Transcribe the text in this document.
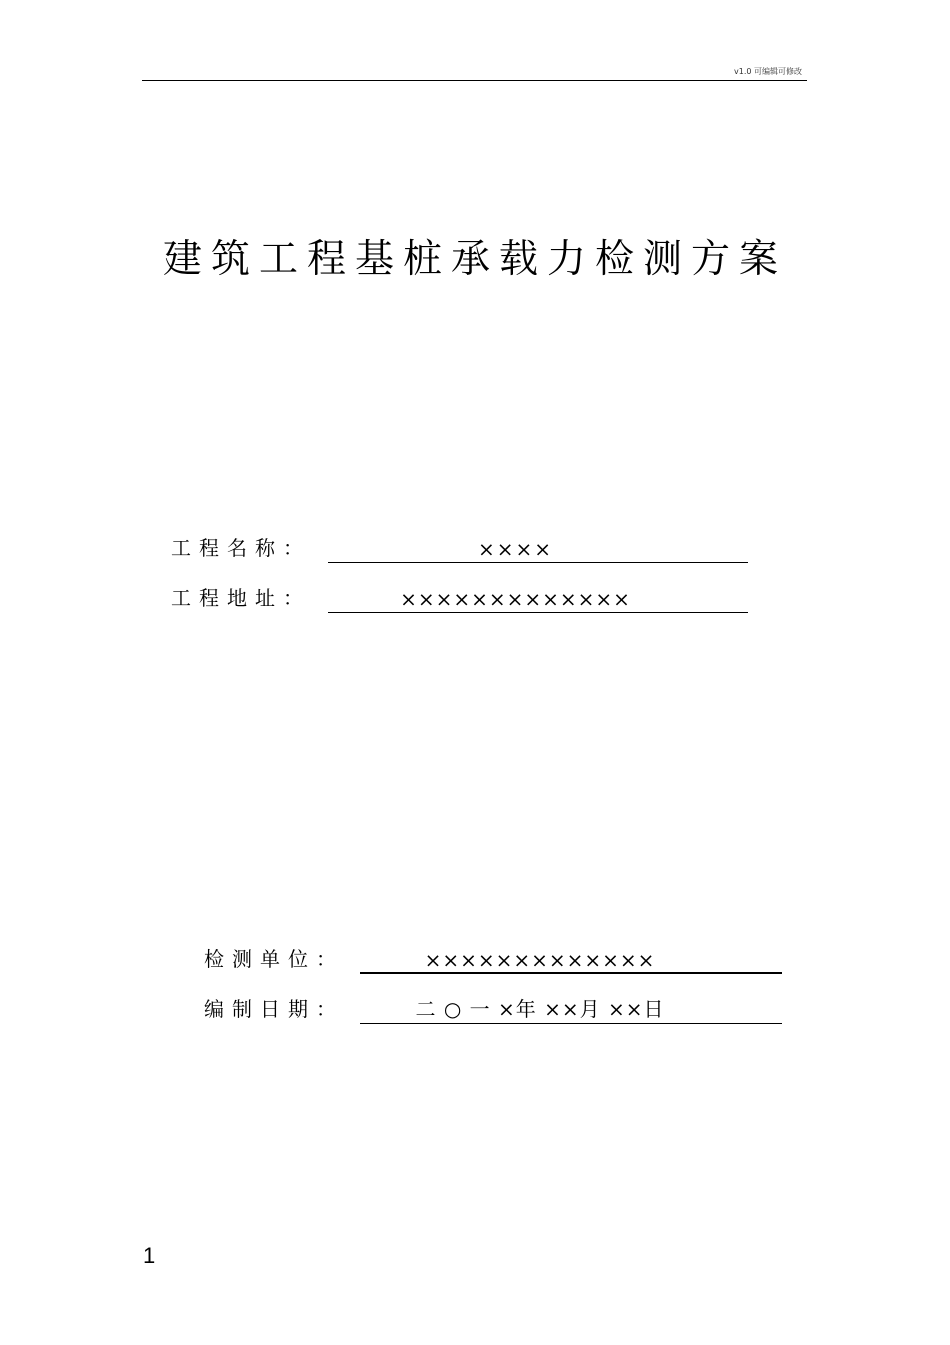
v1.0 可编辑可修改
建筑工程基桩承载力检测方案
工程名称：	××××
工程地址：	×××××××××××××
检测单位：	×××××××××××××
编制日期：	二 ○ 一 ×年 ××月 ××日
1
